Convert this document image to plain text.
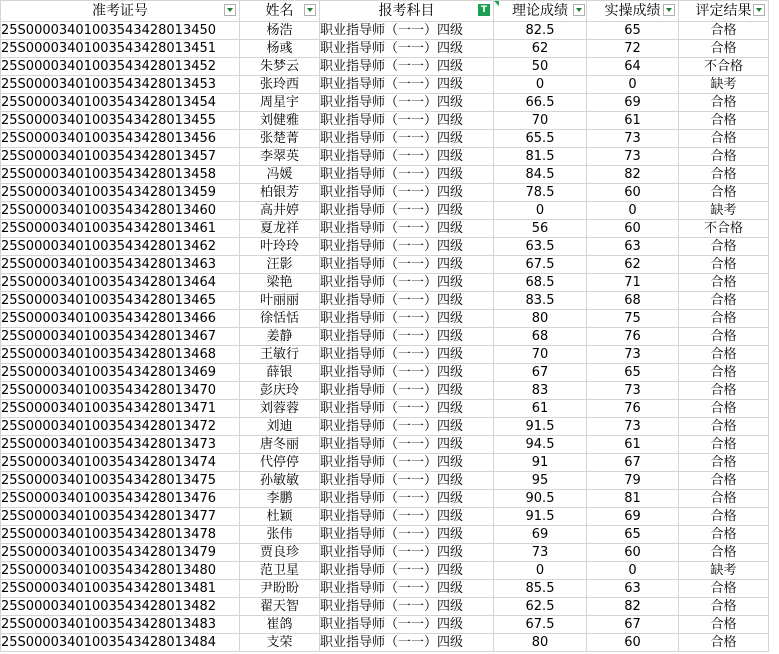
准考证号	姓名	报考科目 T	理论成绩	实操成绩	评定结果

25S00003401003543428013450	杨浩	职业指导师（一一）四级	82.5	65	合格
25S00003401003543428013451	杨彧	职业指导师（一一）四级	62	72	合格
25S00003401003543428013452	朱梦云	职业指导师（一一）四级	50	64	不合格
25S00003401003543428013453	张玲西	职业指导师（一一）四级	0	0	缺考
25S00003401003543428013454	周星宇	职业指导师（一一）四级	66.5	69	合格
25S00003401003543428013455	刘健雅	职业指导师（一一）四级	70	61	合格
25S00003401003543428013456	张楚菁	职业指导师（一一）四级	65.5	73	合格
25S00003401003543428013457	李翠英	职业指导师（一一）四级	81.5	73	合格
25S00003401003543428013458	冯媛	职业指导师（一一）四级	84.5	82	合格
25S00003401003543428013459	柏银芳	职业指导师（一一）四级	78.5	60	合格
25S00003401003543428013460	高井婷	职业指导师（一一）四级	0	0	缺考
25S00003401003543428013461	夏龙祥	职业指导师（一一）四级	56	60	不合格
25S00003401003543428013462	叶玲玲	职业指导师（一一）四级	63.5	63	合格
25S00003401003543428013463	汪影	职业指导师（一一）四级	67.5	62	合格
25S00003401003543428013464	梁艳	职业指导师（一一）四级	68.5	71	合格
25S00003401003543428013465	叶丽丽	职业指导师（一一）四级	83.5	68	合格
25S00003401003543428013466	徐恬恬	职业指导师（一一）四级	80	75	合格
25S00003401003543428013467	姜静	职业指导师（一一）四级	68	76	合格
25S00003401003543428013468	王敏行	职业指导师（一一）四级	70	73	合格
25S00003401003543428013469	薛银	职业指导师（一一）四级	67	65	合格
25S00003401003543428013470	彭庆玲	职业指导师（一一）四级	83	73	合格
25S00003401003543428013471	刘蓉蓉	职业指导师（一一）四级	61	76	合格
25S00003401003543428013472	刘迪	职业指导师（一一）四级	91.5	73	合格
25S00003401003543428013473	唐冬丽	职业指导师（一一）四级	94.5	61	合格
25S00003401003543428013474	代停停	职业指导师（一一）四级	91	67	合格
25S00003401003543428013475	孙敏敏	职业指导师（一一）四级	95	79	合格
25S00003401003543428013476	李鹏	职业指导师（一一）四级	90.5	81	合格
25S00003401003543428013477	杜颖	职业指导师（一一）四级	91.5	69	合格
25S00003401003543428013478	张伟	职业指导师（一一）四级	69	65	合格
25S00003401003543428013479	贾良珍	职业指导师（一一）四级	73	60	合格
25S00003401003543428013480	范卫星	职业指导师（一一）四级	0	0	缺考
25S00003401003543428013481	尹盼盼	职业指导师（一一）四级	85.5	63	合格
25S00003401003543428013482	翟天智	职业指导师（一一）四级	62.5	82	合格
25S00003401003543428013483	崔鸽	职业指导师（一一）四级	67.5	67	合格
25S00003401003543428013484	支荣	职业指导师（一一）四级	80	60	合格
